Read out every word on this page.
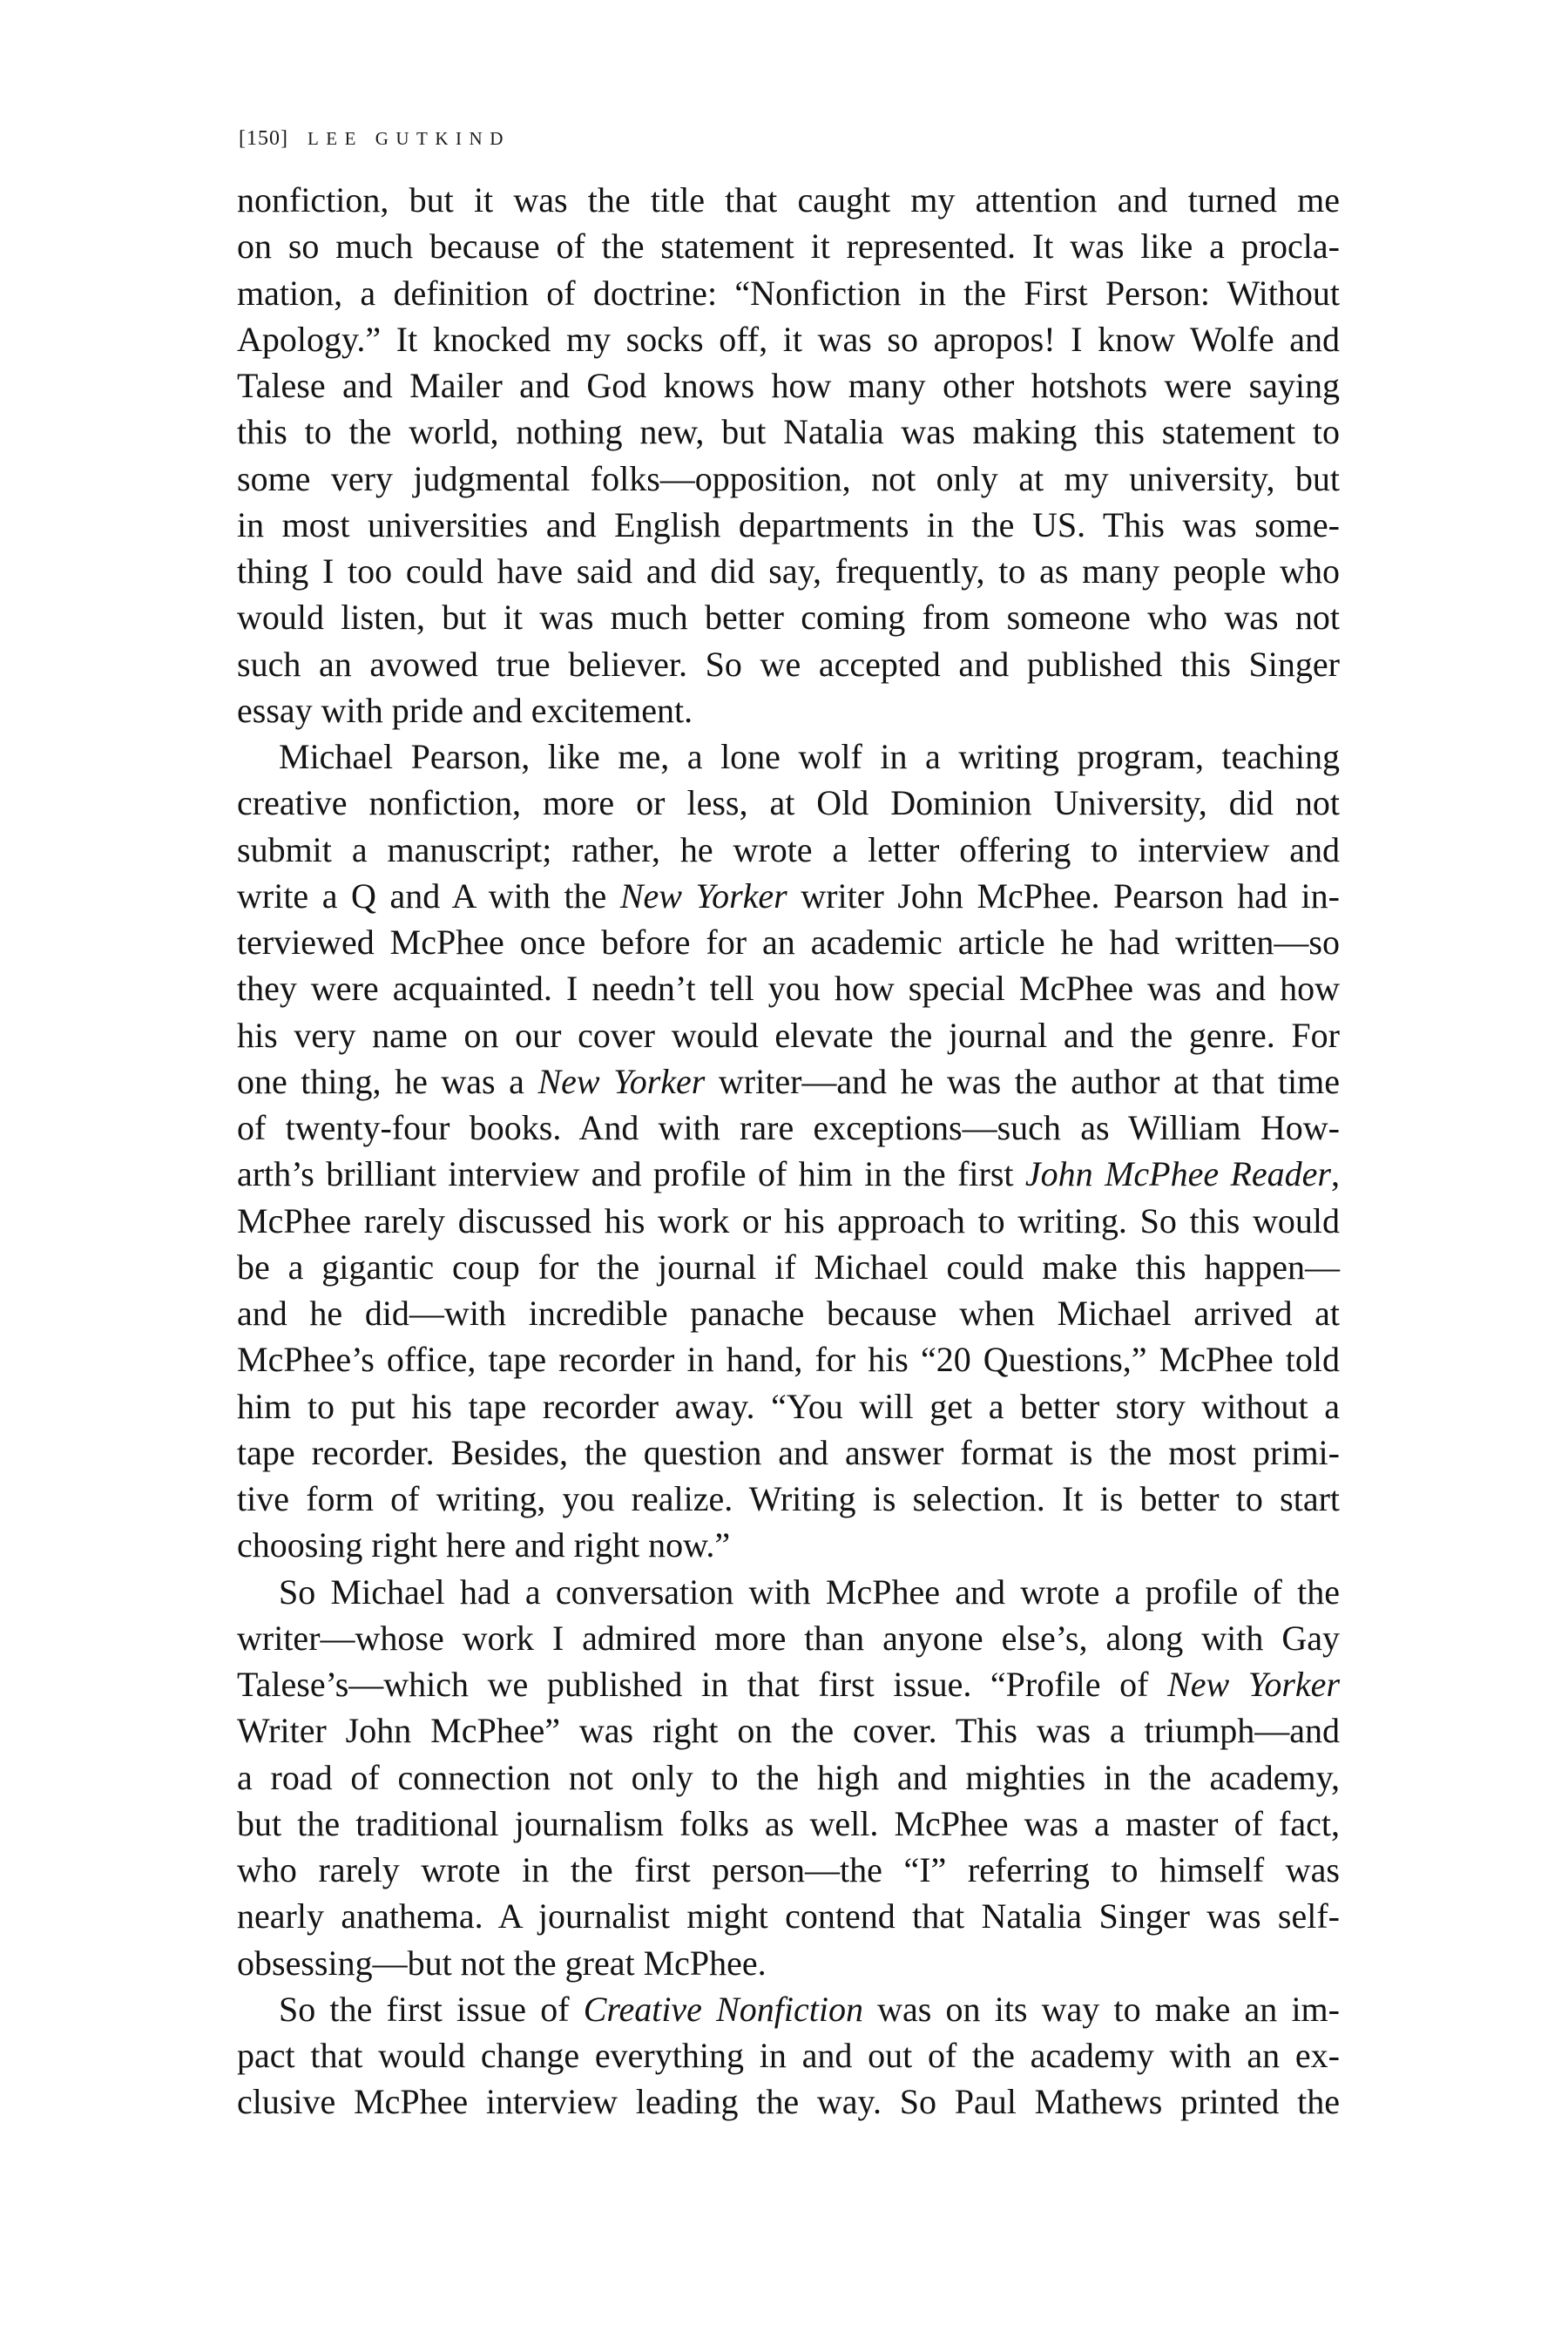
[150] LEE GUTKIND
nonfiction, but it was the title that caught my attention and turned me
on so much because of the statement it represented. It was like a procla-
mation, a definition of doctrine: “Nonfiction in the First Person: Without
Apology.” It knocked my socks off, it was so apropos! I know Wolfe and
Talese and Mailer and God knows how many other hotshots were saying
this to the world, nothing new, but Natalia was making this statement to
some very judgmental folks—opposition, not only at my university, but
in most universities and English departments in the US. This was some-
thing I too could have said and did say, frequently, to as many people who
would listen, but it was much better coming from someone who was not
such an avowed true believer. So we accepted and published this Singer
essay with pride and excitement.
Michael Pearson, like me, a lone wolf in a writing program, teaching
creative nonfiction, more or less, at Old Dominion University, did not
submit a manuscript; rather, he wrote a letter offering to interview and
write a Q and A with the New Yorker writer John McPhee. Pearson had in-
terviewed McPhee once before for an academic article he had written—so
they were acquainted. I needn’t tell you how special McPhee was and how
his very name on our cover would elevate the journal and the genre. For
one thing, he was a New Yorker writer—and he was the author at that time
of twenty-four books. And with rare exceptions—such as William How-
arth’s brilliant interview and profile of him in the first John McPhee Reader,
McPhee rarely discussed his work or his approach to writing. So this would
be a gigantic coup for the journal if Michael could make this happen—
and he did—with incredible panache because when Michael arrived at
McPhee’s office, tape recorder in hand, for his “20 Questions,” McPhee told
him to put his tape recorder away. “You will get a better story without a
tape recorder. Besides, the question and answer format is the most primi-
tive form of writing, you realize. Writing is selection. It is better to start
choosing right here and right now.”
So Michael had a conversation with McPhee and wrote a profile of the
writer—whose work I admired more than anyone else’s, along with Gay
Talese’s—which we published in that first issue. “Profile of New Yorker
Writer John McPhee” was right on the cover. This was a triumph—and
a road of connection not only to the high and mighties in the academy,
but the traditional journalism folks as well. McPhee was a master of fact,
who rarely wrote in the first person—the “I” referring to himself was
nearly anathema. A journalist might contend that Natalia Singer was self-
obsessing—but not the great McPhee.
So the first issue of Creative Nonfiction was on its way to make an im-
pact that would change everything in and out of the academy with an ex-
clusive McPhee interview leading the way. So Paul Mathews printed the
